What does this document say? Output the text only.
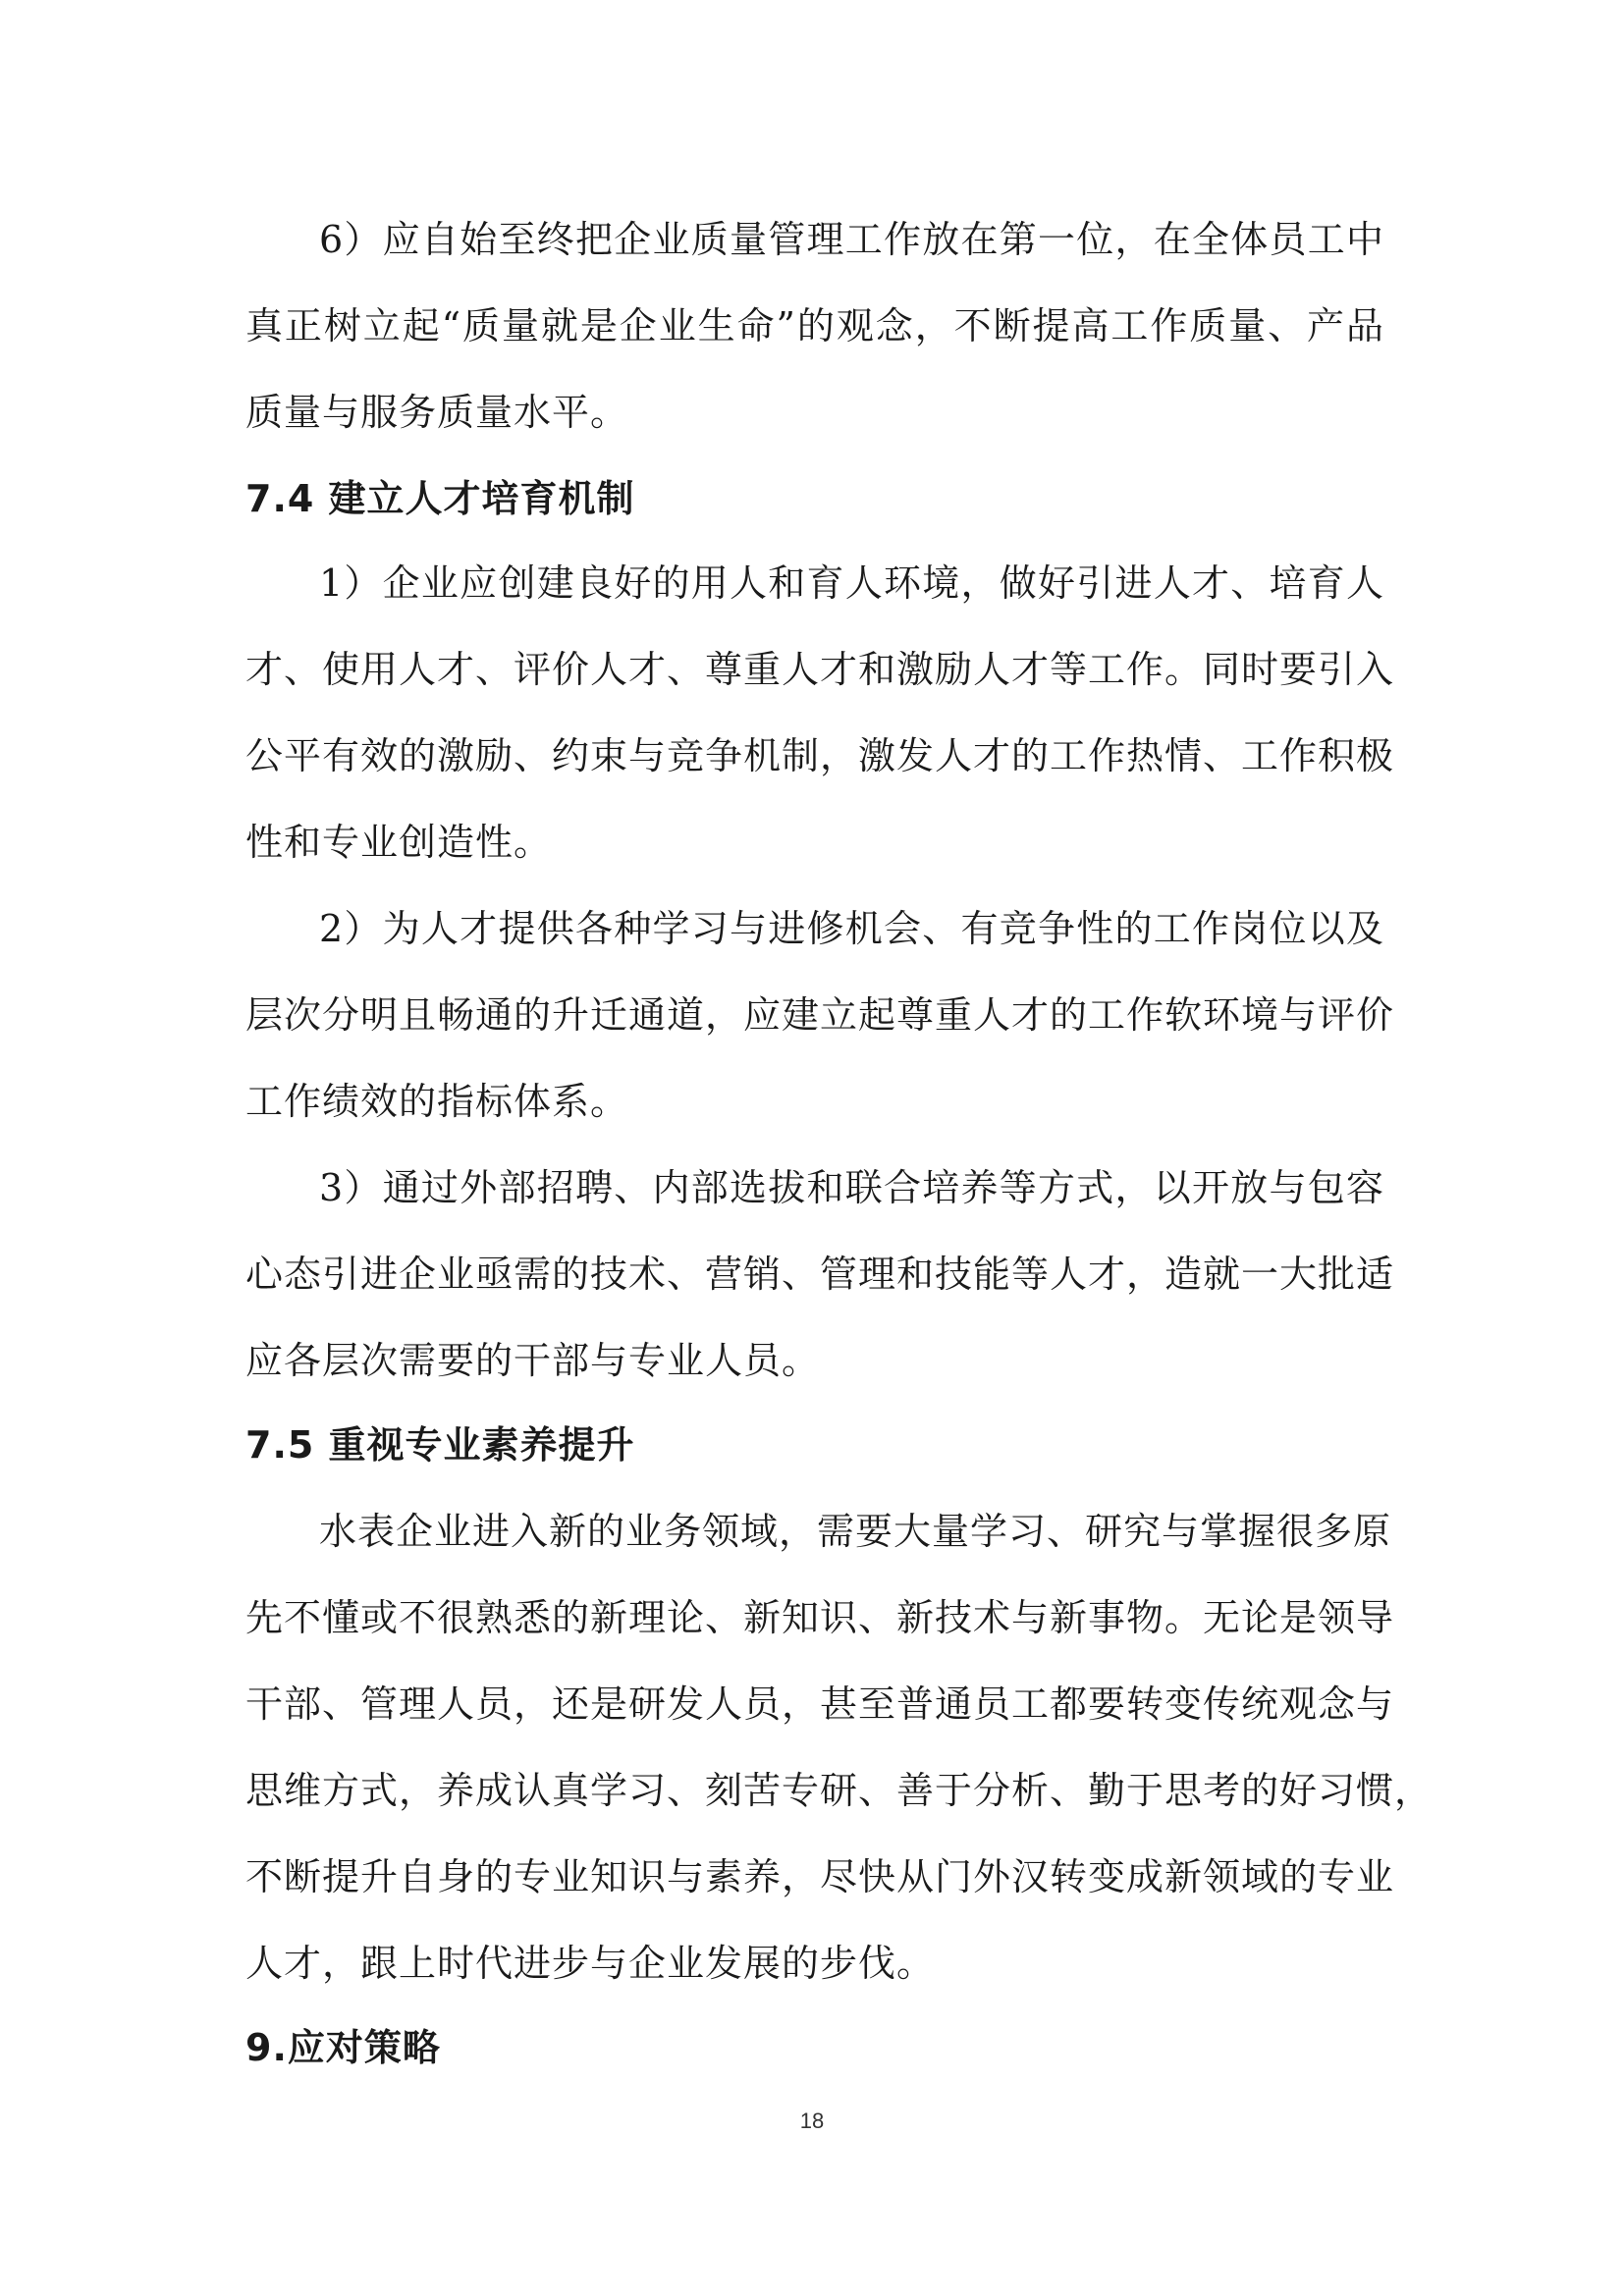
6）应自始至终把企业质量管理工作放在第一位，在全体员工中
真正树立起“质量就是企业生命”的观念，不断提高工作质量、产品
质量与服务质量水平。
7.4 建立人才培育机制
1）企业应创建良好的用人和育人环境，做好引进人才、培育人
才、使用人才、评价人才、尊重人才和激励人才等工作。同时要引入
公平有效的激励、约束与竞争机制，激发人才的工作热情、工作积极
性和专业创造性。
2）为人才提供各种学习与进修机会、有竞争性的工作岗位以及
层次分明且畅通的升迁通道，应建立起尊重人才的工作软环境与评价
工作绩效的指标体系。
3）通过外部招聘、内部选拔和联合培养等方式，以开放与包容
心态引进企业亟需的技术、营销、管理和技能等人才，造就一大批适
应各层次需要的干部与专业人员。
7.5 重视专业素养提升
水表企业进入新的业务领域，需要大量学习、研究与掌握很多原
先不懂或不很熟悉的新理论、新知识、新技术与新事物。无论是领导
干部、管理人员，还是研发人员，甚至普通员工都要转变传统观念与
思维方式，养成认真学习、刻苦专研、善于分析、勤于思考的好习惯，
不断提升自身的专业知识与素养，尽快从门外汉转变成新领域的专业
人才，跟上时代进步与企业发展的步伐。
9.应对策略
18
